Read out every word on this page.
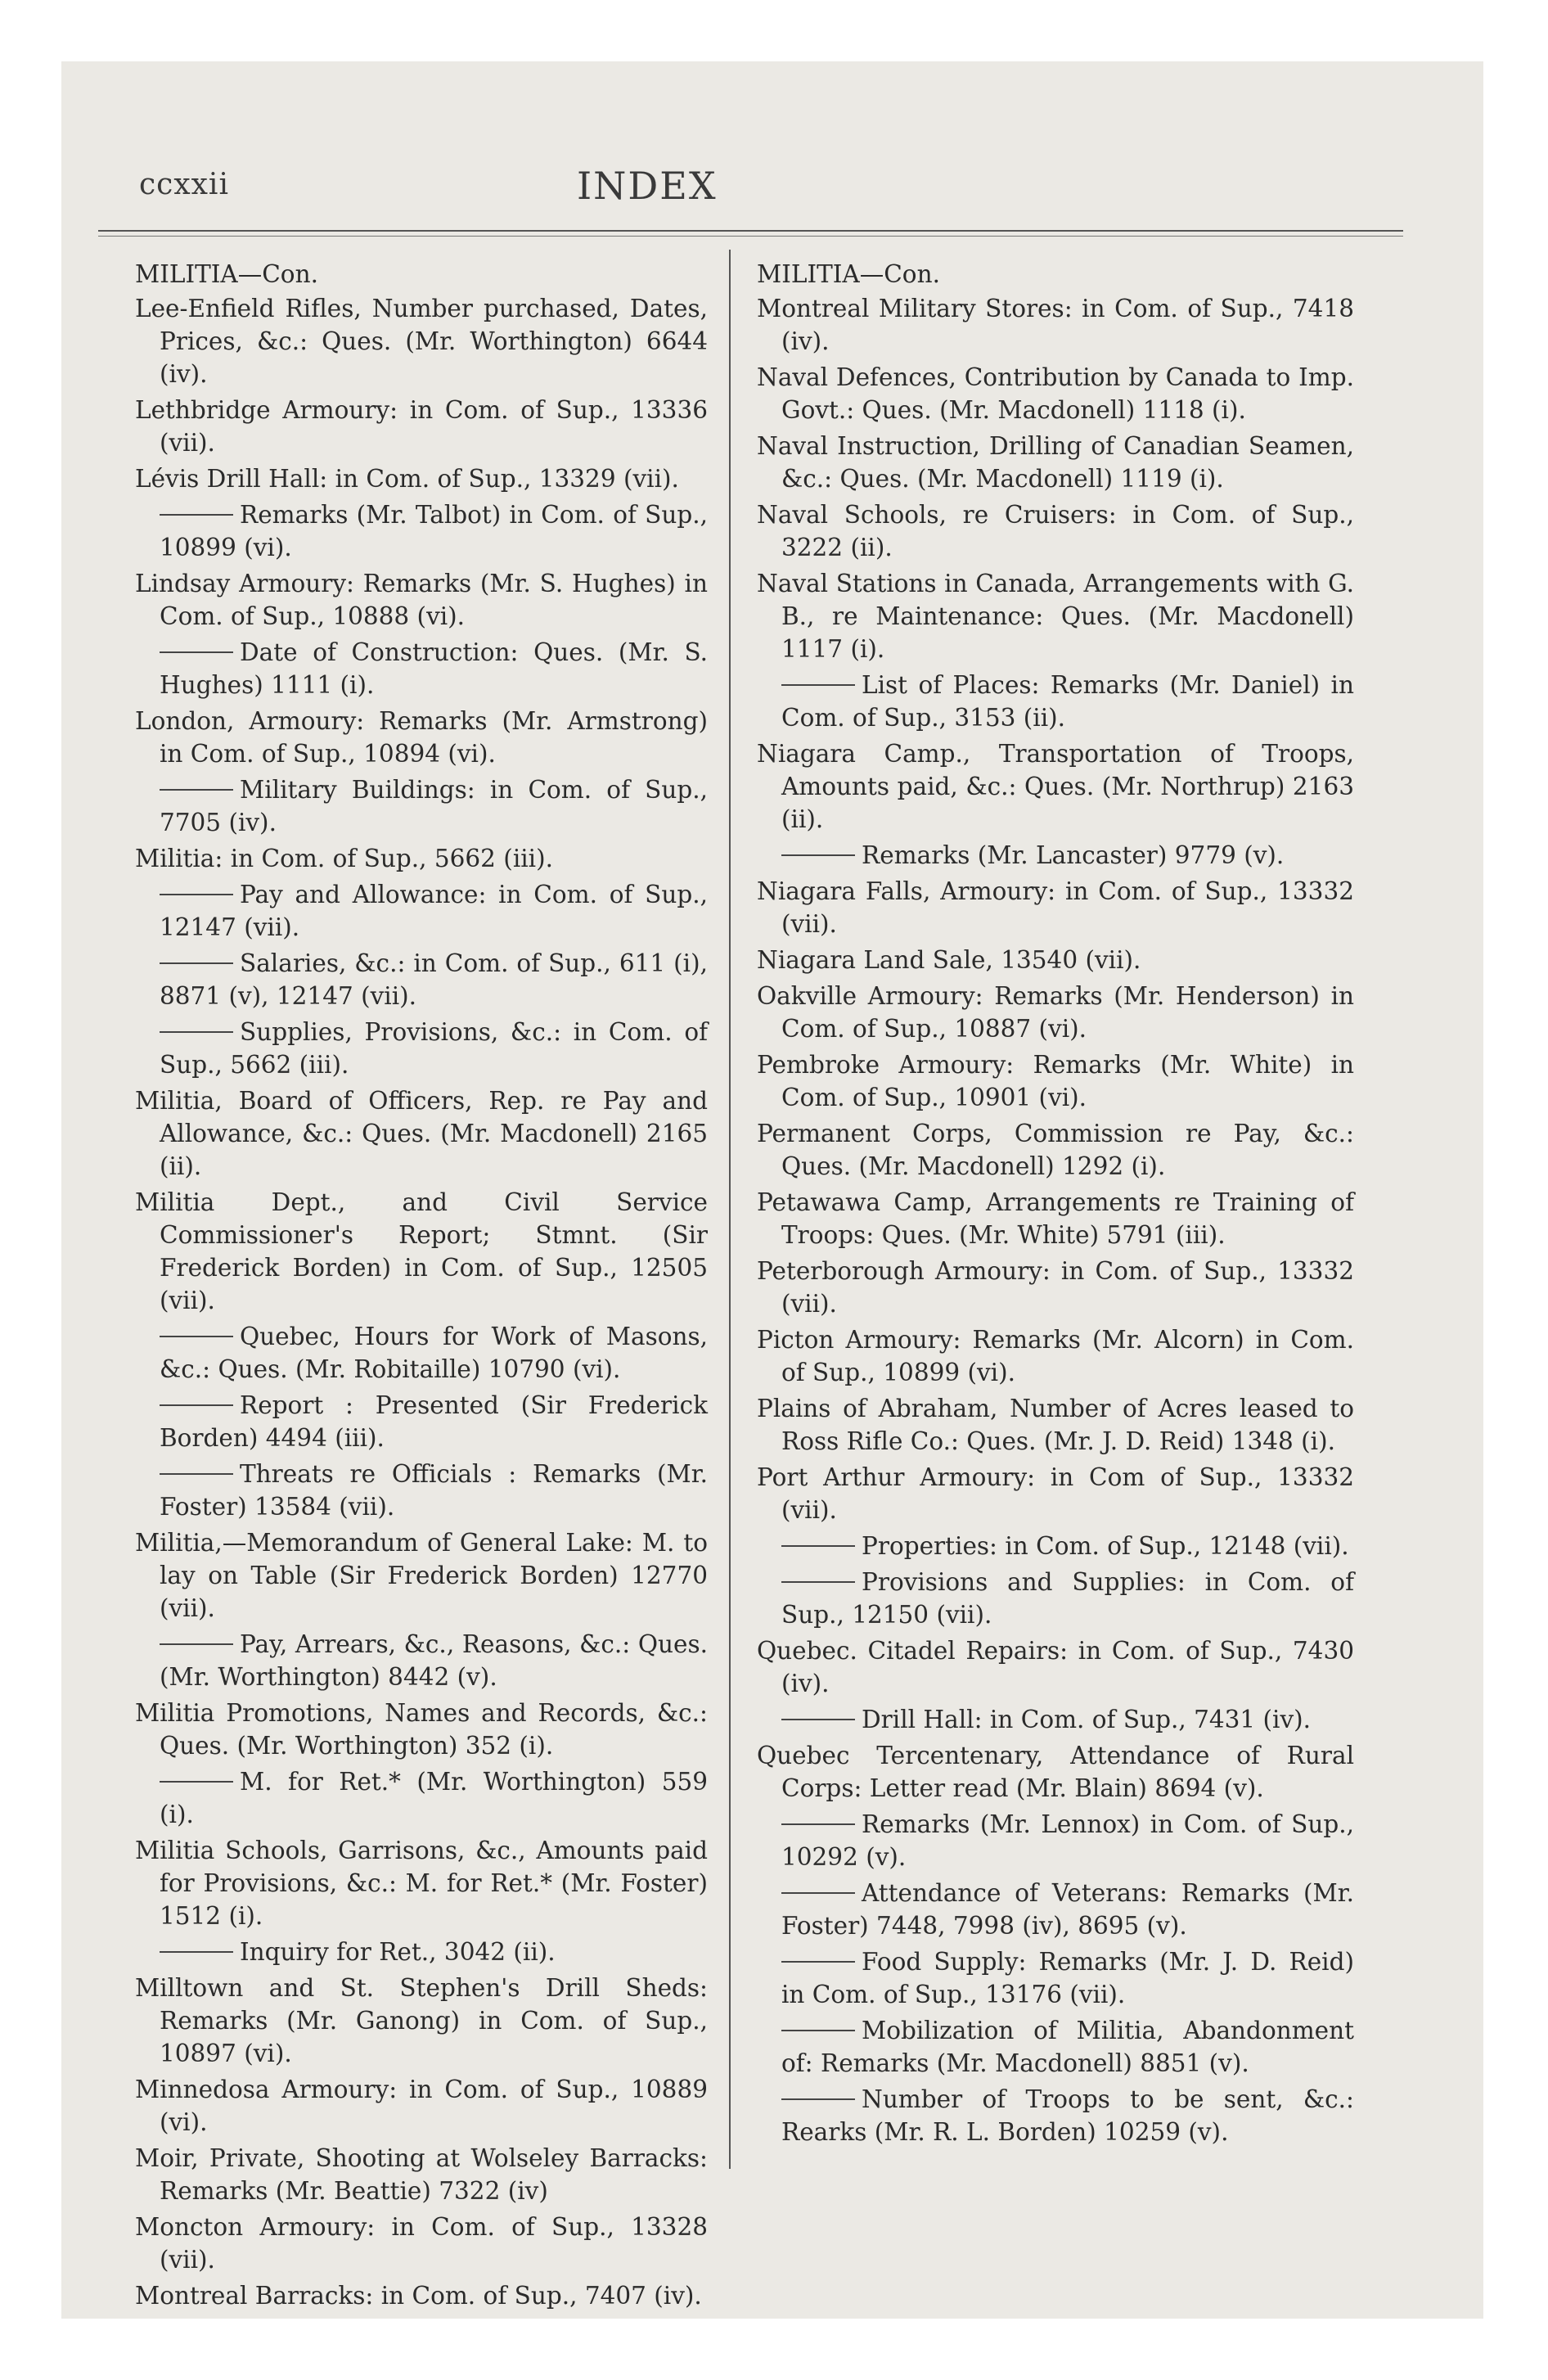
ccxxii	INDEX
MILITIA—Con.

Lee-Enfield Rifles, Number purchased, Dates, Prices, &c.: Ques. (Mr. Worthington) 6644 (iv).

Lethbridge Armoury: in Com. of Sup., 13336 (vii).

Lévis Drill Hall: in Com. of Sup., 13329 (vii).

Remarks (Mr. Talbot) in Com. of Sup., 10899 (vi).

Lindsay Armoury: Remarks (Mr. S. Hughes) in Com. of Sup., 10888 (vi).

Date of Construction: Ques. (Mr. S. Hughes) 1111 (i).

London, Armoury: Remarks (Mr. Armstrong) in Com. of Sup., 10894 (vi).

Military Buildings: in Com. of Sup., 7705 (iv).

Militia: in Com. of Sup., 5662 (iii).

Pay and Allowance: in Com. of Sup., 12147 (vii).

Salaries, &c.: in Com. of Sup., 611 (i), 8871 (v), 12147 (vii).

Supplies, Provisions, &c.: in Com. of Sup., 5662 (iii).

Militia, Board of Officers, Rep. re Pay and Allowance, &c.: Ques. (Mr. Macdonell) 2165 (ii).

Militia Dept., and Civil Service Commissioner's Report; Stmnt. (Sir Frederick Borden) in Com. of Sup., 12505 (vii).

Quebec, Hours for Work of Masons, &c.: Ques. (Mr. Robitaille) 10790 (vi).

Report : Presented (Sir Frederick Borden) 4494 (iii).

Threats re Officials : Remarks (Mr. Foster) 13584 (vii).

Militia,—Memorandum of General Lake: M. to lay on Table (Sir Frederick Borden) 12770 (vii).

Pay, Arrears, &c., Reasons, &c.: Ques. (Mr. Worthington) 8442 (v).

Militia Promotions, Names and Records, &c.: Ques. (Mr. Worthington) 352 (i).

M. for Ret.* (Mr. Worthington) 559 (i).

Militia Schools, Garrisons, &c., Amounts paid for Provisions, &c.: M. for Ret.* (Mr. Foster) 1512 (i).

Inquiry for Ret., 3042 (ii).

Milltown and St. Stephen's Drill Sheds: Remarks (Mr. Ganong) in Com. of Sup., 10897 (vi).

Minnedosa Armoury: in Com. of Sup., 10889 (vi).

Moir, Private, Shooting at Wolseley Barracks: Remarks (Mr. Beattie) 7322 (iv)

Moncton Armoury: in Com. of Sup., 13328 (vii).

Montreal Barracks: in Com. of Sup., 7407 (iv).

MILITIA—Con.

Montreal Military Stores: in Com. of Sup., 7418 (iv).

Naval Defences, Contribution by Canada to Imp. Govt.: Ques. (Mr. Macdonell) 1118 (i).

Naval Instruction, Drilling of Canadian Seamen, &c.: Ques. (Mr. Macdonell) 1119 (i).

Naval Schools, re Cruisers: in Com. of Sup., 3222 (ii).

Naval Stations in Canada, Arrangements with G. B., re Maintenance: Ques. (Mr. Macdonell) 1117 (i).

List of Places: Remarks (Mr. Daniel) in Com. of Sup., 3153 (ii).

Niagara Camp., Transportation of Troops, Amounts paid, &c.: Ques. (Mr. Northrup) 2163 (ii).

Remarks (Mr. Lancaster) 9779 (v).

Niagara Falls, Armoury: in Com. of Sup., 13332 (vii).

Niagara Land Sale, 13540 (vii).

Oakville Armoury: Remarks (Mr. Henderson) in Com. of Sup., 10887 (vi).

Pembroke Armoury: Remarks (Mr. White) in Com. of Sup., 10901 (vi).

Permanent Corps, Commission re Pay, &c.: Ques. (Mr. Macdonell) 1292 (i).

Petawawa Camp, Arrangements re Training of Troops: Ques. (Mr. White) 5791 (iii).

Peterborough Armoury: in Com. of Sup., 13332 (vii).

Picton Armoury: Remarks (Mr. Alcorn) in Com. of Sup., 10899 (vi).

Plains of Abraham, Number of Acres leased to Ross Rifle Co.: Ques. (Mr. J. D. Reid) 1348 (i).

Port Arthur Armoury: in Com of Sup., 13332 (vii).

Properties: in Com. of Sup., 12148 (vii).

Provisions and Supplies: in Com. of Sup., 12150 (vii).

Quebec. Citadel Repairs: in Com. of Sup., 7430 (iv).

Drill Hall: in Com. of Sup., 7431 (iv).

Quebec Tercentenary, Attendance of Rural Corps: Letter read (Mr. Blain) 8694 (v).

Remarks (Mr. Lennox) in Com. of Sup., 10292 (v).

Attendance of Veterans: Remarks (Mr. Foster) 7448, 7998 (iv), 8695 (v).

Food Supply: Remarks (Mr. J. D. Reid) in Com. of Sup., 13176 (vii).

Mobilization of Militia, Abandonment of: Remarks (Mr. Macdonell) 8851 (v).

Number of Troops to be sent, &c.: Rearks (Mr. R. L. Borden) 10259 (v).
